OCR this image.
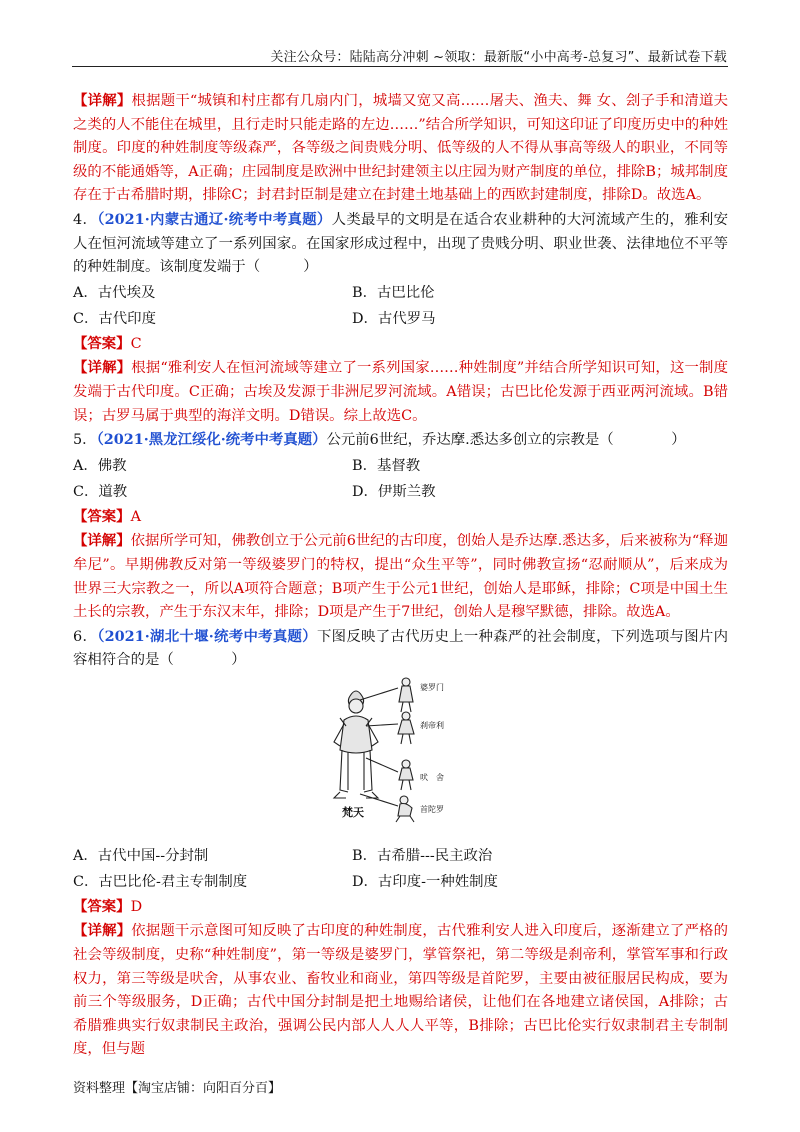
关注公众号：陆陆高分冲刺 ~领取：最新版“小中高考-总复习”、最新试卷下载

【详解】根据题干“城镇和村庄都有几扇内门，城墙又宽又高……屠夫、渔夫、舞 女、刽子手和清道夫之类的人不能住在城里，且行走时只能走路的左边……”结合所学知识，可知这印证了印度历史中的种姓制度。印度的种姓制度等级森严，各等级之间贵贱分明、低等级的人不得从事高等级人的职业，不同等级的不能通婚等，A正确；庄园制度是欧洲中世纪封建领主以庄园为财产制度的单位，排除B；城邦制度存在于古希腊时期，排除C；封君封臣制是建立在封建土地基础上的西欧封建制度，排除D。故选A。

4．（2021·内蒙古通辽·统考中考真题）人类最早的文明是在适合农业耕种的大河流域产生的，雅利安人在恒河流域等建立了一系列国家。在国家形成过程中，出现了贵贱分明、职业世袭、法律地位不平等的种姓制度。该制度发端于（　　　）

A．古代埃及	B．古巴比伦
C．古代印度	D．古代罗马

【答案】C

【详解】根据“雅利安人在恒河流域等建立了一系列国家……种姓制度”并结合所学知识可知，这一制度发端于古代印度。C正确；古埃及发源于非洲尼罗河流域。A错误；古巴比伦发源于西亚两河流域。B错误；古罗马属于典型的海洋文明。D错误。综上故选C。

5．（2021·黑龙江绥化·统考中考真题）公元前6世纪，乔达摩.悉达多创立的宗教是（　　　　）

A．佛教	B．基督教
C．道教	D．伊斯兰教

【答案】A

【详解】依据所学可知，佛教创立于公元前6世纪的古印度，创始人是乔达摩.悉达多，后来被称为“释迦牟尼”。早期佛教反对第一等级婆罗门的特权，提出“众生平等”，同时佛教宣扬“忍耐顺从”，后来成为世界三大宗教之一，所以A项符合题意；B项产生于公元1世纪，创始人是耶稣，排除；C项是中国土生土长的宗教，产生于东汉末年，排除；D项是产生于7世纪，创始人是穆罕默德，排除。故选A。

6．（2021·湖北十堰·统考中考真题）下图反映了古代历史上一种森严的社会制度，下列选项与图片内容相符合的是（　　　　）

婆罗门
刹帝利
吠　舍
首陀罗
梵天
A．古代中国--分封制	B．古希腊---民主政治
C．古巴比伦-君主专制制度	D．古印度-一种姓制度

【答案】D

【详解】依据题干示意图可知反映了古印度的种姓制度，古代雅利安人进入印度后，逐渐建立了严格的社会等级制度，史称“种姓制度”，第一等级是婆罗门，掌管祭祀，第二等级是刹帝利，掌管军事和行政权力，第三等级是吠舍，从事农业、畜牧业和商业，第四等级是首陀罗，主要由被征服居民构成，要为前三个等级服务，D正确；古代中国分封制是把土地赐给诸侯，让他们在各地建立诸侯国，A排除；古希腊雅典实行奴隶制民主政治，强调公民内部人人人人平等，B排除；古巴比伦实行奴隶制君主专制制度，但与题

资料整理【淘宝店铺：向阳百分百】
